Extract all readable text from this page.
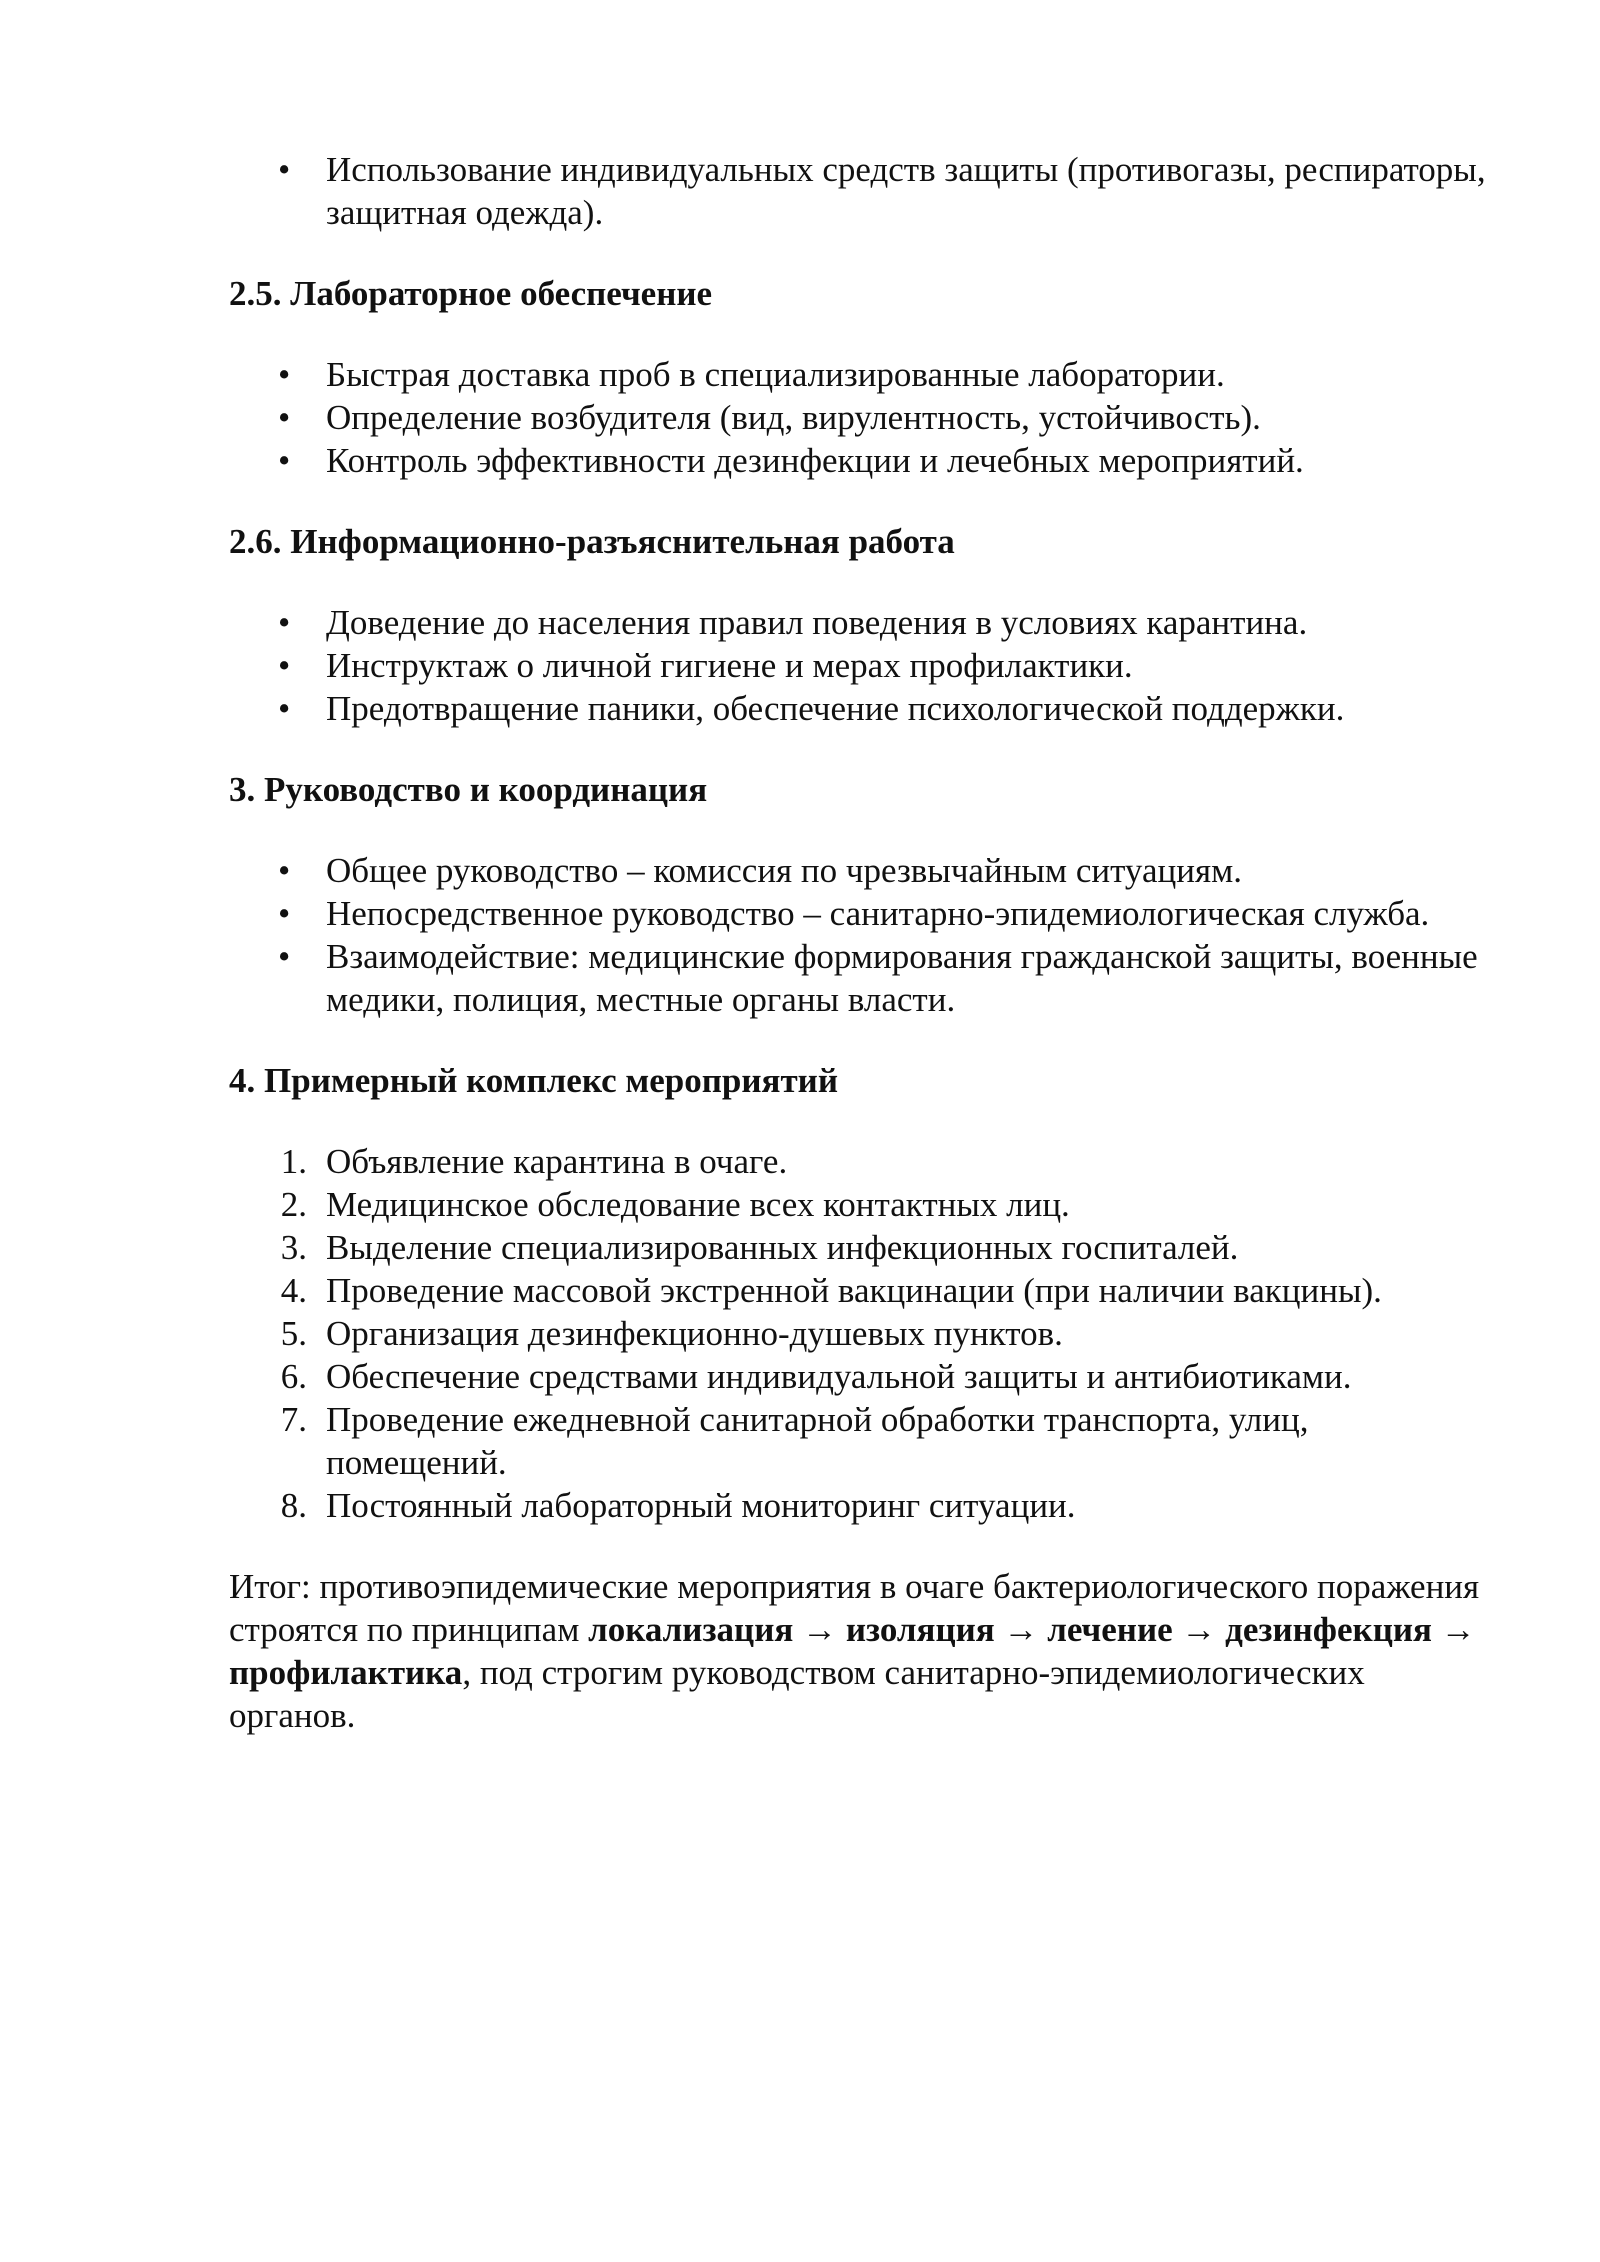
• Использование индивидуальных средств защиты (противогазы, респираторы, защитная одежда).
2.5. Лабораторное обеспечение
• Быстрая доставка проб в специализированные лаборатории.
• Определение возбудителя (вид, вирулентность, устойчивость).
• Контроль эффективности дезинфекции и лечебных мероприятий.
2.6. Информационно-разъяснительная работа
• Доведение до населения правил поведения в условиях карантина.
• Инструктаж о личной гигиене и мерах профилактики.
• Предотвращение паники, обеспечение психологической поддержки.
3. Руководство и координация
• Общее руководство – комиссия по чрезвычайным ситуациям.
• Непосредственное руководство – санитарно-эпидемиологическая служба.
• Взаимодействие: медицинские формирования гражданской защиты, военные медики, полиция, местные органы власти.
4. Примерный комплекс мероприятий
1. Объявление карантина в очаге.
2. Медицинское обследование всех контактных лиц.
3. Выделение специализированных инфекционных госпиталей.
4. Проведение массовой экстренной вакцинации (при наличии вакцины).
5. Организация дезинфекционно-душевых пунктов.
6. Обеспечение средствами индивидуальной защиты и антибиотиками.
7. Проведение ежедневной санитарной обработки транспорта, улиц, помещений.
8. Постоянный лабораторный мониторинг ситуации.

Итог: противоэпидемические мероприятия в очаге бактериологического поражения строятся по принципам локализация → изоляция → лечение → дезинфекция → профилактика, под строгим руководством санитарно-эпидемиологических органов.
